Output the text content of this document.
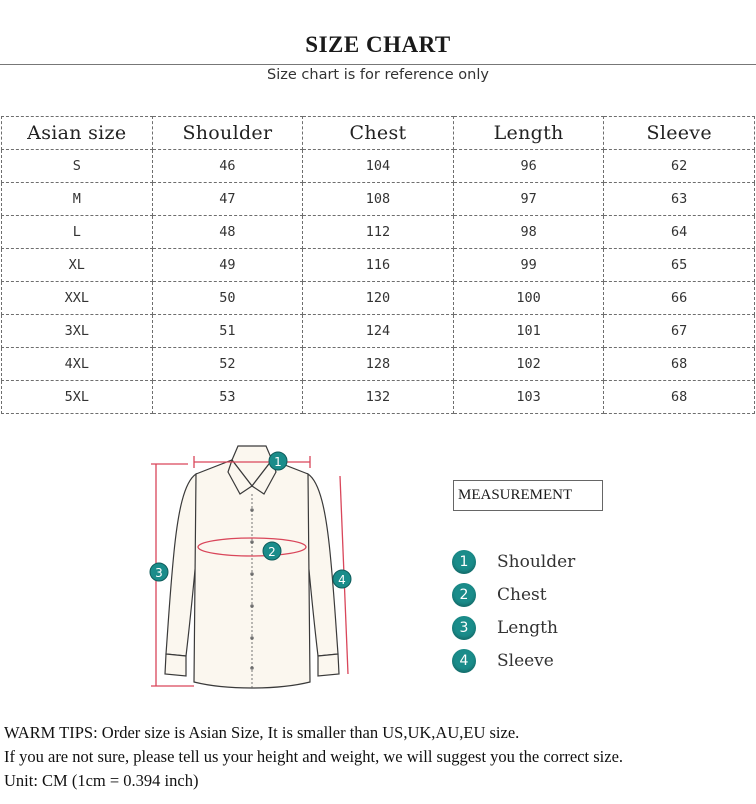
SIZE CHART
Size chart is for reference only
Asian size	Shoulder	Chest	Length	Sleeve
S	46	104	96	62
M	47	108	97	63
L	48	112	98	64
XL	49	116	99	65
XXL	50	120	100	66
3XL	51	124	101	67
4XL	52	128	102	68
5XL	53	132	103	68
1
2
3	4
MEASUREMENT
1	Shoulder
2	Chest
3	Length
4	Sleeve
WARM TIPS: Order size is Asian Size, It is smaller than US,UK,AU,EU size.
If you are not sure, please tell us your height and weight, we will suggest you the correct size.
Unit: CM (1cm = 0.394 inch)
